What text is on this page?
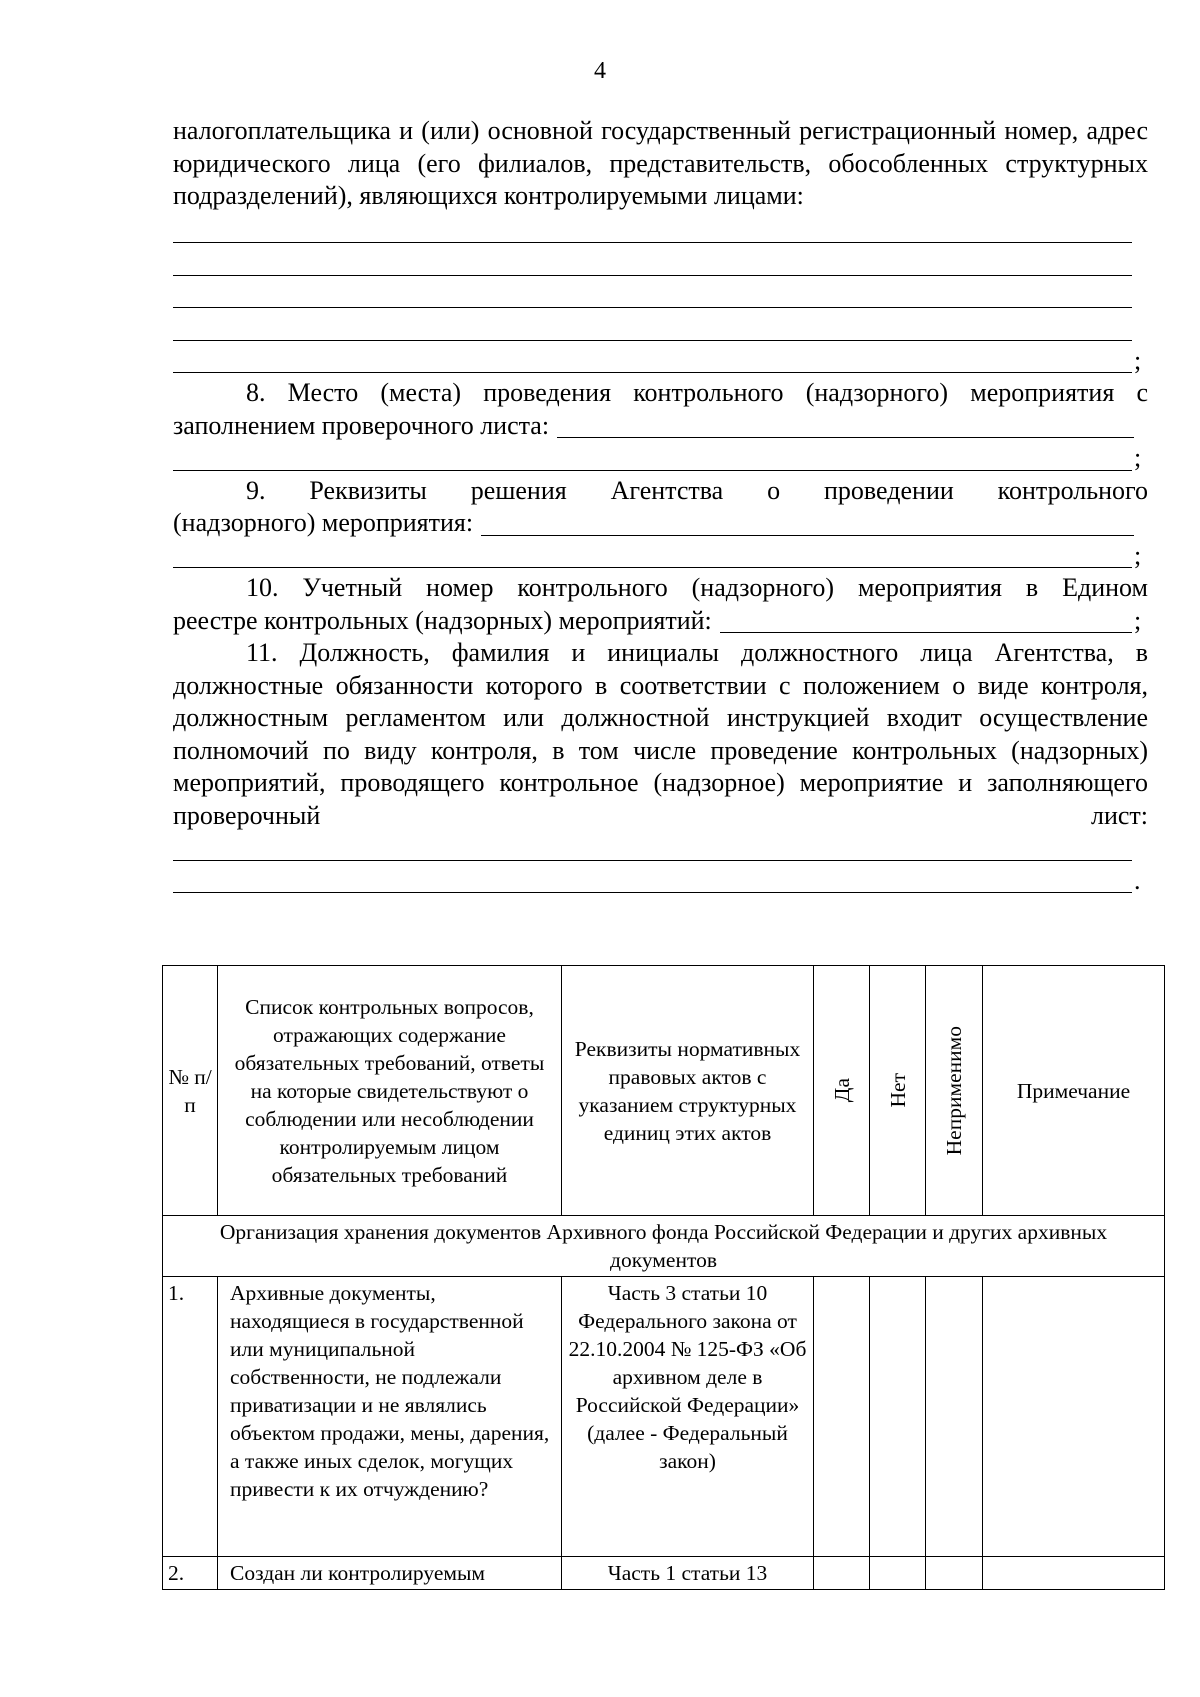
4

налогоплательщика и (или) основной государственный регистрационный номер, адрес юридического лица (его филиалов, представительств, обособленных структурных подразделений), являющихся контролируемыми лицами:

;

8. Место (места) проведения контрольного (надзорного) мероприятия с

заполнением проверочного листа:
;

9. Реквизиты решения Агентства о проведении контрольного

(надзорного) мероприятия:
;

10. Учетный номер контрольного (надзорного) мероприятия в Едином

реестре контрольных (надзорных) мероприятий:	;

11. Должность, фамилия и инициалы должностного лица Агентства, в должностные обязанности которого в соответствии с положением о виде контроля, должностным регламентом или должностной инструкцией входит осуществление полномочий по виду контроля, в том числе проведение контрольных (надзорных) мероприятий, проводящего контрольное (надзорное) мероприятие и заполняющего проверочный лист:

.
№ п/п	Список контрольных вопросов, отражающих содержание обязательных требований, ответы на которые свидетельствуют о соблюдении или несоблюдении контролируемым лицом обязательных требований	Реквизиты нормативных правовых актов с указанием структурных единиц этих актов	Да	Нет	Неприменимо	Примечание
Организация хранения документов Архивного фонда Российской Федерации и других архивных документов						
1.	Архивные документы, находящиеся в государственной или муниципальной собственности, не подлежали приватизации и не являлись объектом продажи, мены, дарения, а также иных сделок, могущих привести к их отчуждению?	Часть 3 статьи 10 Федерального закона от 22.10.2004 № 125-ФЗ «Об архивном деле в Российской Федерации» (далее - Федеральный закон)				
2.	Создан ли контролируемым	Часть 1 статьи 13				
